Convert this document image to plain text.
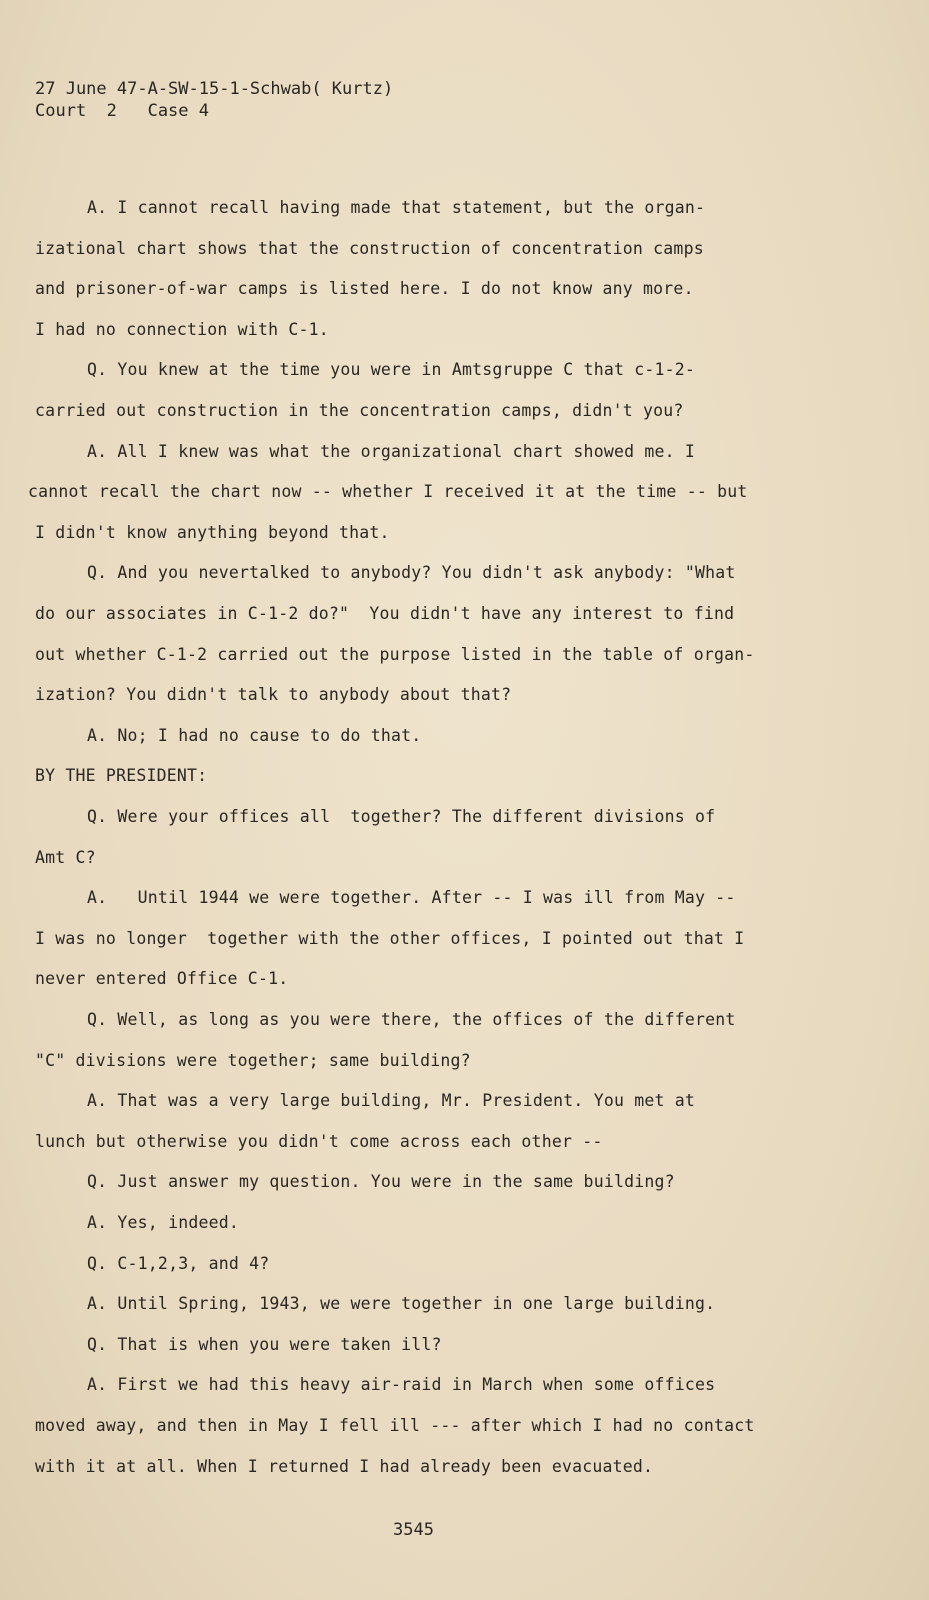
27 June 47-A-SW-15-1-Schwab( Kurtz)
Court  2   Case 4
A. I cannot recall having made that statement, but the organ-
izational chart shows that the construction of concentration camps
and prisoner-of-war camps is listed here. I do not know any more.
I had no connection with C-1.
Q. You knew at the time you were in Amtsgruppe C that c-1-2-
carried out construction in the concentration camps, didn't you?
A. All I knew was what the organizational chart showed me. I
cannot recall the chart now -- whether I received it at the time -- but
I didn't know anything beyond that.
Q. And you nevertalked to anybody? You didn't ask anybody: "What
do our associates in C-1-2 do?"  You didn't have any interest to find
out whether C-1-2 carried out the purpose listed in the table of organ-
ization? You didn't talk to anybody about that?
A. No; I had no cause to do that.
BY THE PRESIDENT:
Q. Were your offices all  together? The different divisions of
Amt C?
A.   Until 1944 we were together. After -- I was ill from May --
I was no longer  together with the other offices, I pointed out that I
never entered Office C-1.
Q. Well, as long as you were there, the offices of the different
"C" divisions were together; same building?
A. That was a very large building, Mr. President. You met at
lunch but otherwise you didn't come across each other --
Q. Just answer my question. You were in the same building?
A. Yes, indeed.
Q. C-1,2,3, and 4?
A. Until Spring, 1943, we were together in one large building.
Q. That is when you were taken ill?
A. First we had this heavy air-raid in March when some offices
moved away, and then in May I fell ill --- after which I had no contact
with it at all. When I returned I had already been evacuated.
3545
